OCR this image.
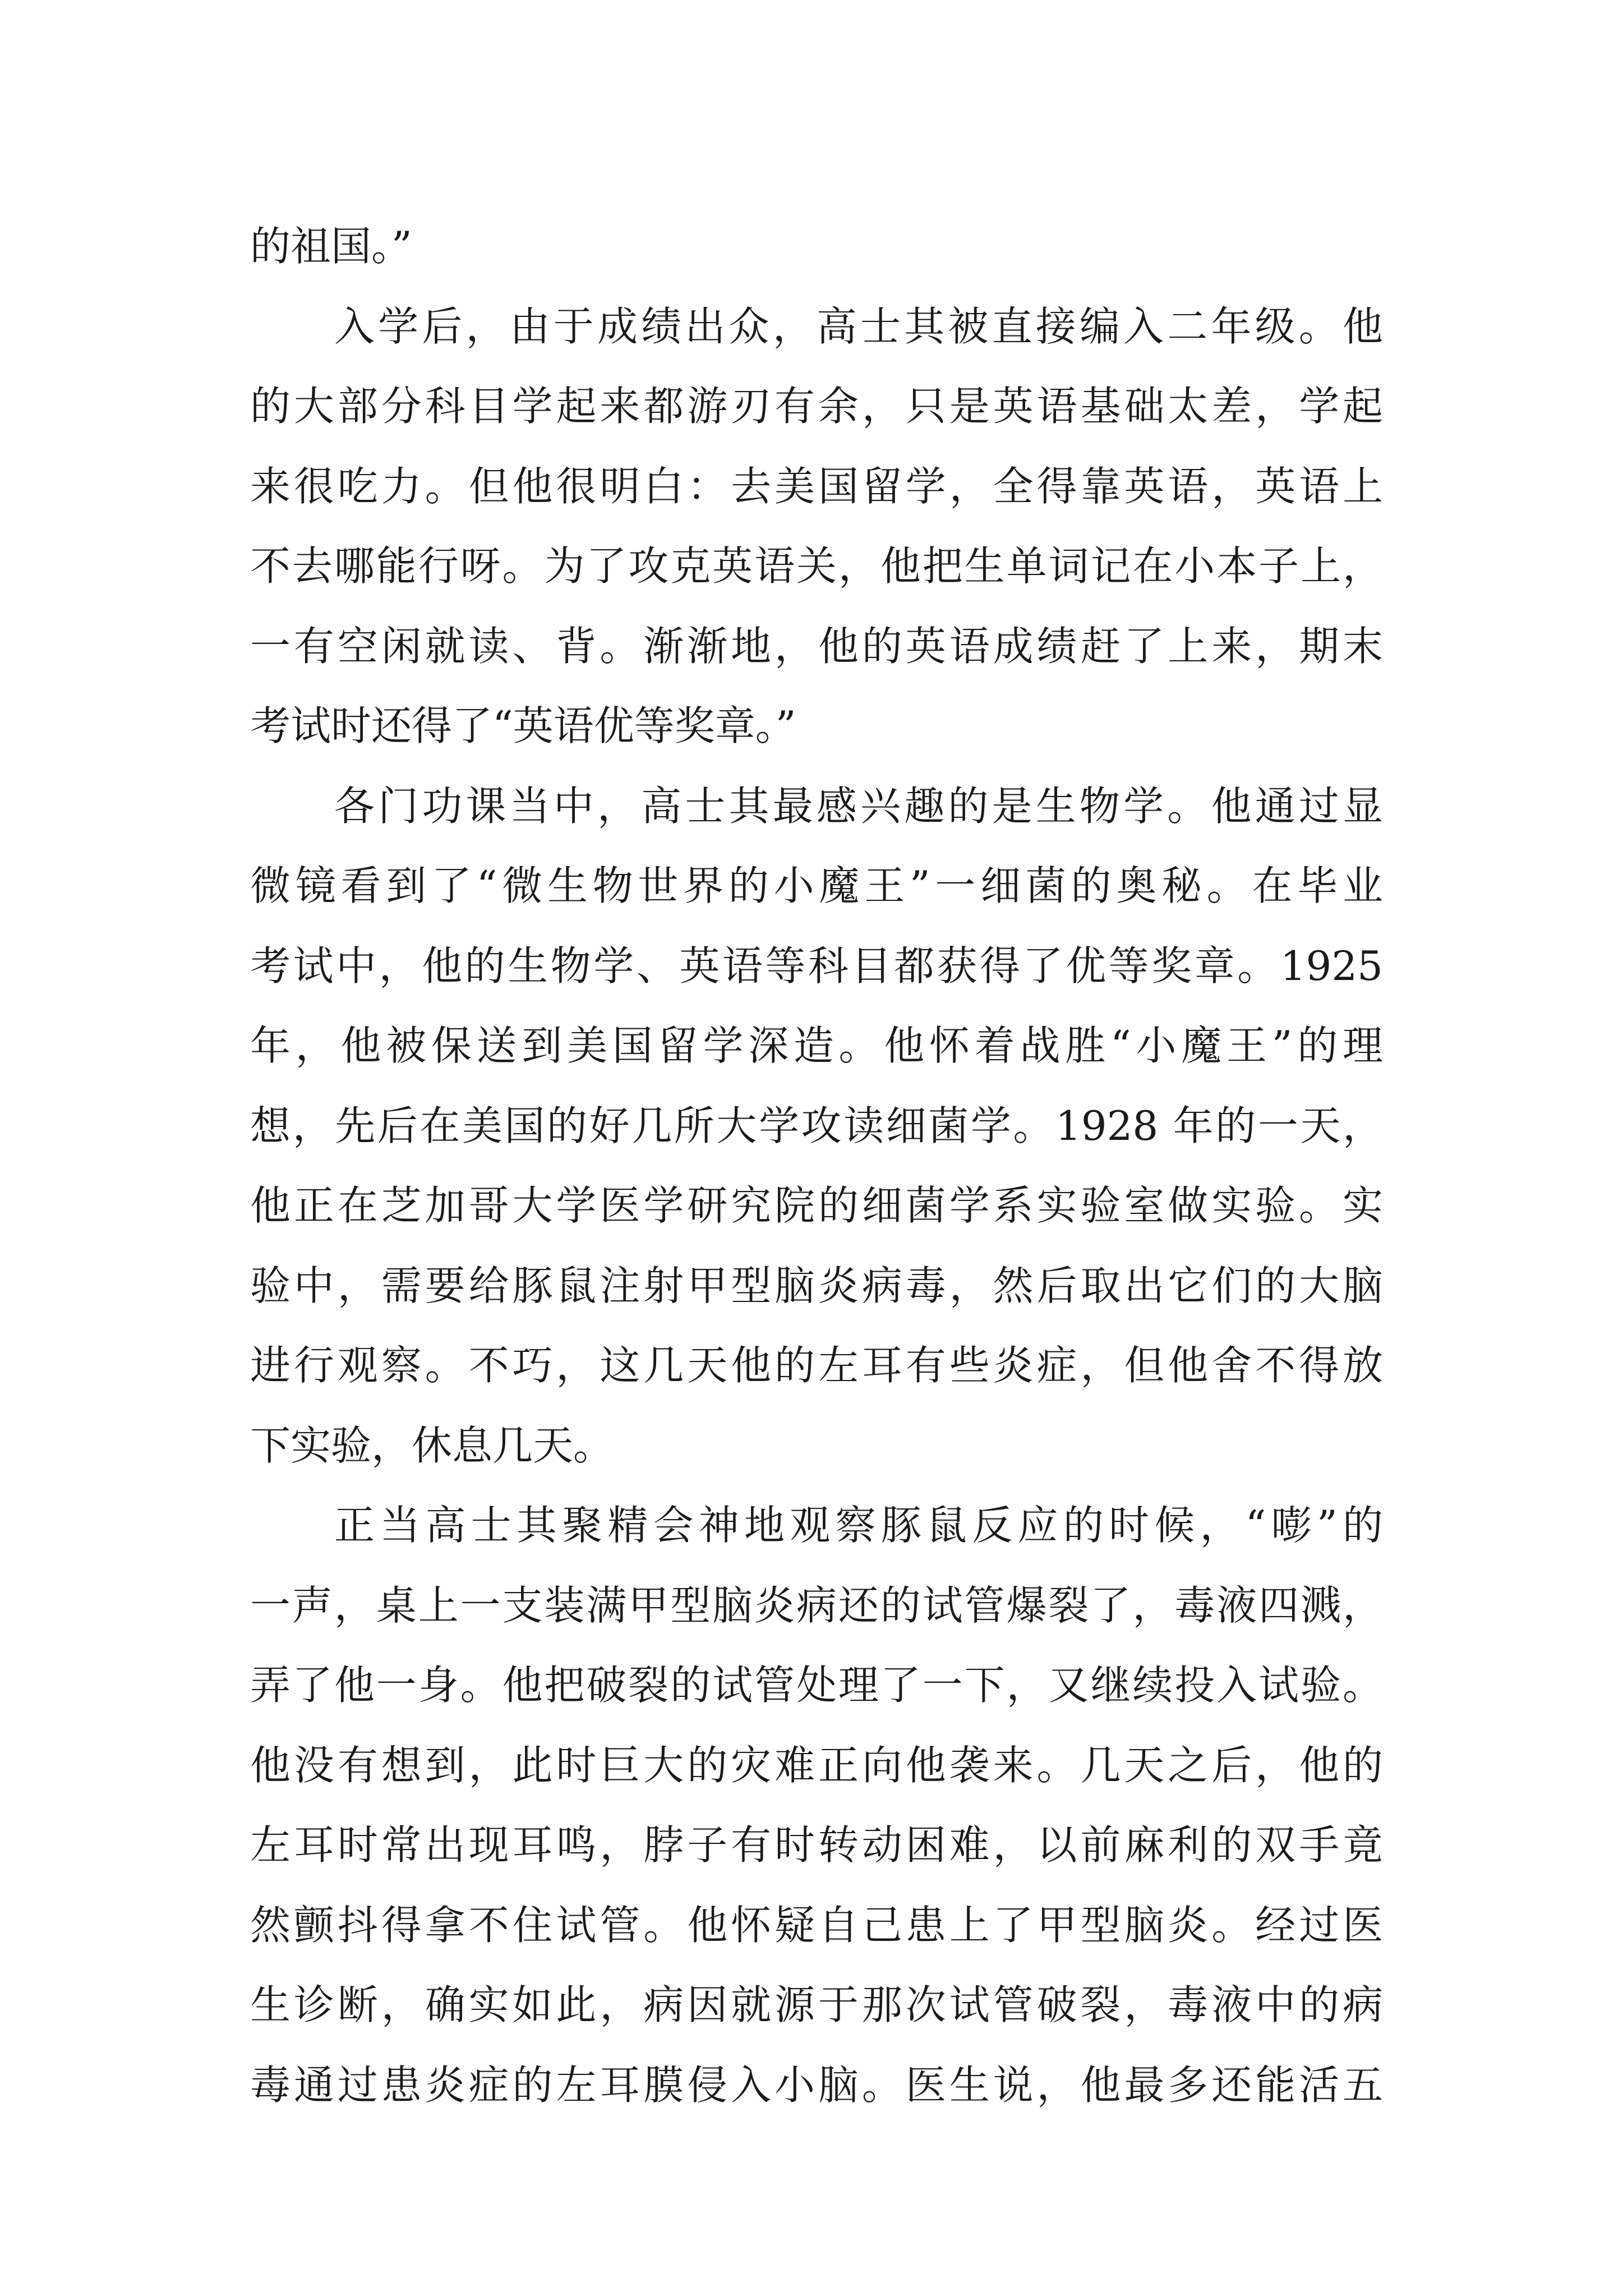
的祖国。”
入学后，由于成绩出众，高士其被直接编入二年级。他
的大部分科目学起来都游刃有余，只是英语基础太差，学起
来很吃力。但他很明白：去美国留学，全得靠英语，英语上
不去哪能行呀。为了攻克英语关，他把生单词记在小本子上，
一有空闲就读、背。渐渐地，他的英语成绩赶了上来，期末
考试时还得了“英语优等奖章。”
各门功课当中，高士其最感兴趣的是生物学。他通过显
微镜看到了“微生物世界的小魔王”一细菌的奥秘。在毕业
考试中，他的生物学、英语等科目都获得了优等奖章。1925
年，他被保送到美国留学深造。他怀着战胜“小魔王”的理
想，先后在美国的好几所大学攻读细菌学。1928 年的一天，
他正在芝加哥大学医学研究院的细菌学系实验室做实验。实
验中，需要给豚鼠注射甲型脑炎病毒，然后取出它们的大脑
进行观察。不巧，这几天他的左耳有些炎症，但他舍不得放
下实验，休息几天。
正当高士其聚精会神地观察豚鼠反应的时候，“嘭”的
一声，桌上一支装满甲型脑炎病还的试管爆裂了，毒液四溅，
弄了他一身。他把破裂的试管处理了一下，又继续投入试验。
他没有想到，此时巨大的灾难正向他袭来。几天之后，他的
左耳时常出现耳鸣，脖子有时转动困难，以前麻利的双手竟
然颤抖得拿不住试管。他怀疑自己患上了甲型脑炎。经过医
生诊断，确实如此，病因就源于那次试管破裂，毒液中的病
毒通过患炎症的左耳膜侵入小脑。医生说，他最多还能活五
